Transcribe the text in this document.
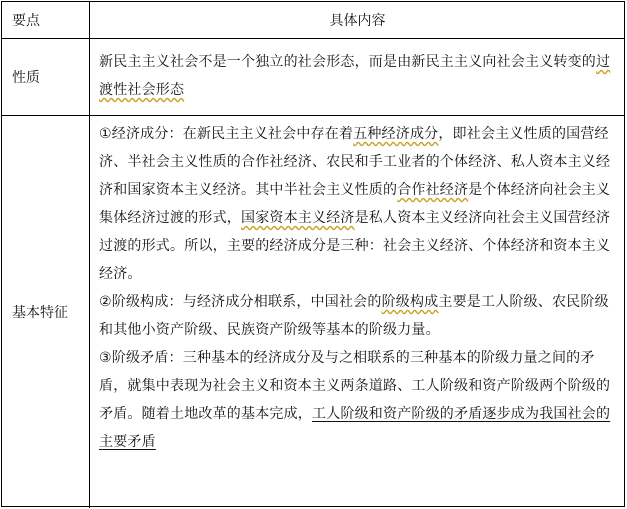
要点	具体内容
性质

新民主主义社会不是一个独立的社会形态，而是由新民主主义向社会主义转变的过渡性社会形态

基本特征

①经济成分：在新民主主义社会中存在着五种经济成分，即社会主义性质的国营经济、半社会主义性质的合作社经济、农民和手工业者的个体经济、私人资本主义经济和国家资本主义经济。其中半社会主义性质的合作社经济是个体经济向社会主义集体经济过渡的形式，国家资本主义经济是私人资本主义经济向社会主义国营经济过渡的形式。所以，主要的经济成分是三种：社会主义经济、个体经济和资本主义经济。

②阶级构成：与经济成分相联系，中国社会的阶级构成主要是工人阶级、农民阶级和其他小资产阶级、民族资产阶级等基本的阶级力量。

③阶级矛盾：三种基本的经济成分及与之相联系的三种基本的阶级力量之间的矛盾，就集中表现为社会主义和资本主义两条道路、工人阶级和资产阶级两个阶级的矛盾。随着土地改革的基本完成，工人阶级和资产阶级的矛盾逐步成为我国社会的主要矛盾
